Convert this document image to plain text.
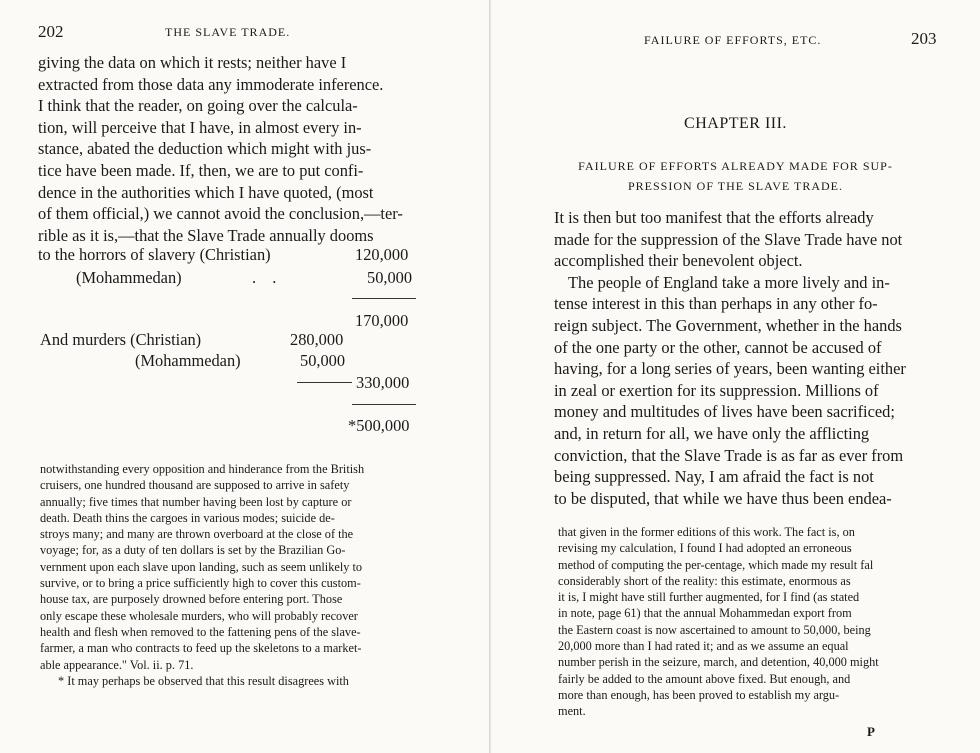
202	THE SLAVE TRADE.
giving the data on which it rests; neither have I
extracted from those data any immoderate inference.
I think that the reader, on going over the calcula-
tion, will perceive that I have, in almost every in-
stance, abated the deduction which might with jus-
tice have been made. If, then, we are to put confi-
dence in the authorities which I have quoted, (most
of them official,) we cannot avoid the conclusion,—ter-
rible as it is,—that the Slave Trade annually dooms
to the horrors of slavery (Christian)	120,000
(Mohammedan)	. .	50,000
170,000
And murders (Christian)	280,000
(Mohammedan)	50,000
330,000
*500,000
notwithstanding every opposition and hinderance from the British
cruisers, one hundred thousand are supposed to arrive in safety
annually; five times that number having been lost by capture or
death. Death thins the cargoes in various modes; suicide de-
stroys many; and many are thrown overboard at the close of the
voyage; for, as a duty of ten dollars is set by the Brazilian Go-
vernment upon each slave upon landing, such as seem unlikely to
survive, or to bring a price sufficiently high to cover this custom-
house tax, are purposely drowned before entering port. Those
only escape these wholesale murders, who will probably recover
health and flesh when removed to the fattening pens of the slave-
farmer, a man who contracts to feed up the skeletons to a market-
able appearance." Vol. ii. p. 71.
* It may perhaps be observed that this result disagrees with
FAILURE OF EFFORTS, ETC.	203
CHAPTER III.
FAILURE OF EFFORTS ALREADY MADE FOR SUP-
PRESSION OF THE SLAVE TRADE.
It is then but too manifest that the efforts already
made for the suppression of the Slave Trade have not
accomplished their benevolent object.
The people of England take a more lively and in-
tense interest in this than perhaps in any other fo-
reign subject. The Government, whether in the hands
of the one party or the other, cannot be accused of
having, for a long series of years, been wanting either
in zeal or exertion for its suppression. Millions of
money and multitudes of lives have been sacrificed;
and, in return for all, we have only the afflicting
conviction, that the Slave Trade is as far as ever from
being suppressed. Nay, I am afraid the fact is not
to be disputed, that while we have thus been endea-
that given in the former editions of this work. The fact is, on
revising my calculation, I found I had adopted an erroneous
method of computing the per-centage, which made my result fal
considerably short of the reality: this estimate, enormous as
it is, I might have still further augmented, for I find (as stated
in note, page 61) that the annual Mohammedan export from
the Eastern coast is now ascertained to amount to 50,000, being
20,000 more than I had rated it; and as we assume an equal
number perish in the seizure, march, and detention, 40,000 might
fairly be added to the amount above fixed. But enough, and
more than enough, has been proved to establish my argu-
ment.
P
